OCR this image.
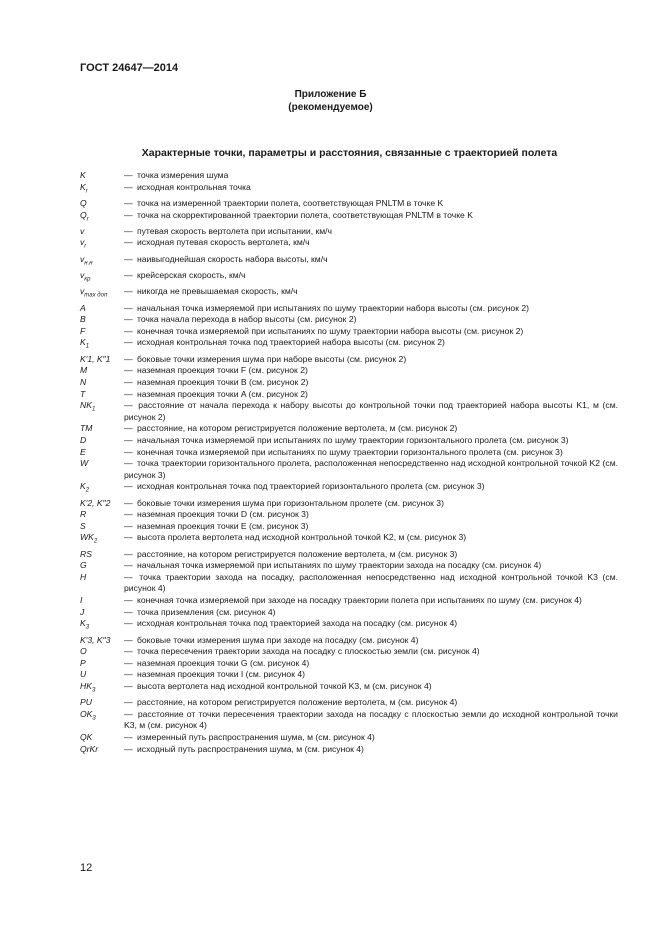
ГОСТ 24647—2014
Приложение Б
(рекомендуемое)
Характерные точки, параметры и расстояния, связанные с траекторией полета
K	— точка измерения шума
$K_r$	— исходная контрольная точка
Q	— точка на измеренной траектории полета, соответствующая PNLTM в точке K
$Q_r$	— точка на скорректированной траектории полета, соответствующая PNLTM в точке K
v	— путевая скорость вертолета при испытании, км/ч
$v_r$	— исходная путевая скорость вертолета, км/ч
$v_{н.н}$	— наивыгоднейшая скорость набора высоты, км/ч
$v_{кр}$	— крейсерская скорость, км/ч
$v_{max доп}$	— никогда не превышаемая скорость, км/ч
A	— начальная точка измеряемой при испытаниях по шуму траектории набора высоты (см. рисунок 2)
B	— точка начала перехода в набор высоты (см. рисунок 2)
F	— конечная точка измеряемой при испытаниях по шуму траектории набора высоты (см. рисунок 2)
$K_1$	— исходная контрольная точка под траекторией набора высоты (см. рисунок 2)
K′1, K″1	— боковые точки измерения шума при наборе высоты (см. рисунок 2)
M	— наземная проекция точки F (см. рисунок 2)
N	— наземная проекция точки B (см. рисунок 2)
T	— наземная проекция точки A (см. рисунок 2)
$NK_1$	— расстояние от начала перехода к набору высоты до контрольной точки под траекторией набора высоты K1, м (см. рисунок 2)
TM	— расстояние, на котором регистрируется положение вертолета, м (см. рисунок 2)
D	— начальная точка измеряемой при испытаниях по шуму траектории горизонтального пролета (см. рисунок 3)
E	— конечная точка измеряемой при испытаниях по шуму траектории горизонтального пролета (см. рисунок 3)
W	— точка траектории горизонтального пролета, расположенная непосредственно над исходной контрольной точкой K2 (см. рисунок 3)
$K_2$	— исходная контрольная точка под траекторией горизонтального пролета (см. рисунок 3)
K′2, K″2	— боковые точки измерения шума при горизонтальном пролете (см. рисунок 3)
R	— наземная проекция точки D (см. рисунок 3)
S	— наземная проекция точки E (см. рисунок 3)
$WK_2$	— высота пролета вертолета над исходной контрольной точкой K2, м (см. рисунок 3)
RS	— расстояние, на котором регистрируется положение вертолета, м (см. рисунок 3)
G	— начальная точка измеряемой при испытаниях по шуму траектории захода на посадку (см. рисунок 4)
H	— точка траектории захода на посадку, расположенная непосредственно над исходной контрольной точкой K3 (см. рисунок 4)
I	— конечная точка измеряемой при заходе на посадку траектории полета при испытаниях по шуму (см. рисунок 4)
J	— точка приземления (см. рисунок 4)
$K_3$	— исходная контрольная точка под траекторией захода на посадку (см. рисунок 4)
K′3, K″3	— боковые точки измерения шума при заходе на посадку (см. рисунок 4)
O	— точка пересечения траектории захода на посадку с плоскостью земли (см. рисунок 4)
P	— наземная проекция точки G (см. рисунок 4)
U	— наземная проекция точки I (см. рисунок 4)
$HK_3$	— высота вертолета над исходной контрольной точкой K3, м (см. рисунок 4)
PU	— расстояние, на котором регистрируется положение вертолета, м (см. рисунок 4)
$OK_3$	— расстояние от точки пересечения траектории захода на посадку с плоскостью земли до исходной контрольной точки K3, м (см. рисунок 4)
QK	— измеренный путь распространения шума, м (см. рисунок 4)
QrKr	— исходный путь распространения шума, м (см. рисунок 4)
12
